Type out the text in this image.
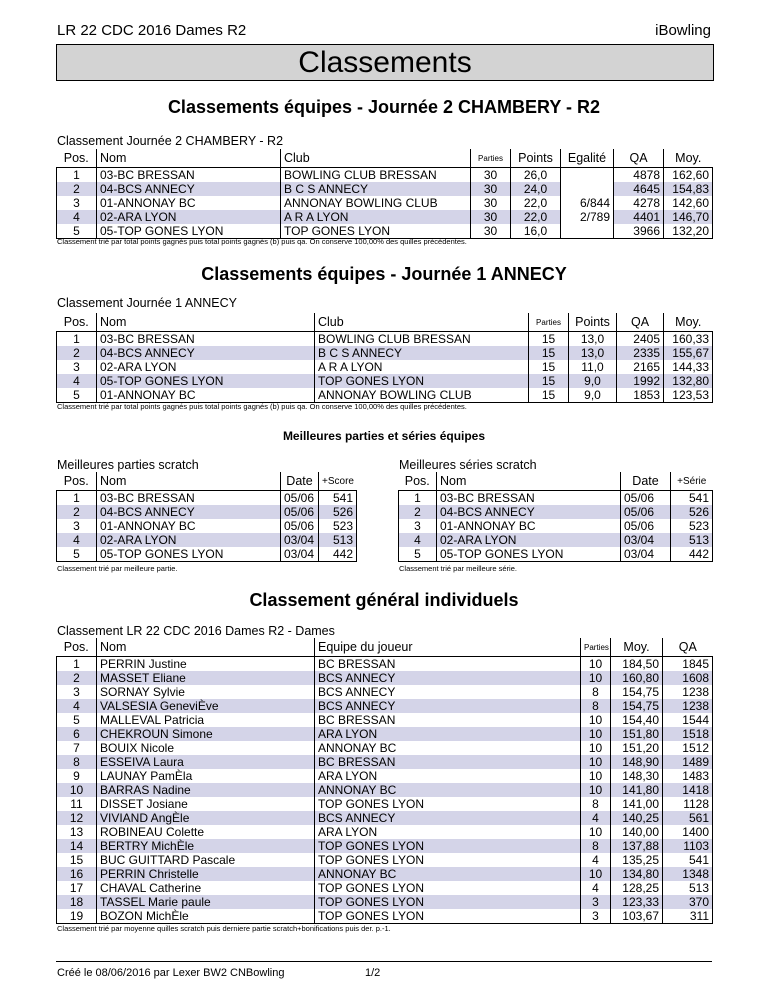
LR 22 CDC 2016 Dames R2	iBowling
Classements
Classements équipes - Journée 2 CHAMBERY - R2
Classement Journée 2 CHAMBERY - R2
Pos.	Nom	Club	Parties	Points	Egalité	QA	Moy.
1	03-BC BRESSAN	BOWLING CLUB BRESSAN	30	26,0		4878	162,60
2	04-BCS ANNECY	B C S ANNECY	30	24,0		4645	154,83
3	01-ANNONAY BC	ANNONAY BOWLING CLUB	30	22,0	6/844	4278	142,60
4	02-ARA LYON	A R A LYON	30	22,0	2/789	4401	146,70
5	05-TOP GONES LYON	TOP GONES LYON	30	16,0		3966	132,20
Classement trié par total points gagnés puis total points gagnés (b) puis qa. On conserve 100,00% des quilles précédentes.
Classements équipes - Journée 1 ANNECY
Classement Journée 1 ANNECY
Pos.	Nom	Club	Parties	Points	QA	Moy.
1	03-BC BRESSAN	BOWLING CLUB BRESSAN	15	13,0	2405	160,33
2	04-BCS ANNECY	B C S ANNECY	15	13,0	2335	155,67
3	02-ARA LYON	A R A LYON	15	11,0	2165	144,33
4	05-TOP GONES LYON	TOP GONES LYON	15	9,0	1992	132,80
5	01-ANNONAY BC	ANNONAY BOWLING CLUB	15	9,0	1853	123,53
Classement trié par total points gagnés puis total points gagnés (b) puis qa. On conserve 100,00% des quilles précédentes.
Meilleures parties et séries équipes
Meilleures parties scratch
Pos.	Nom	Date	+Score
1	03-BC BRESSAN	05/06	541
2	04-BCS ANNECY	05/06	526
3	01-ANNONAY BC	05/06	523
4	02-ARA LYON	03/04	513
5	05-TOP GONES LYON	03/04	442
Classement trié par meilleure partie.
Meilleures séries scratch
Pos.	Nom	Date	+Série
1	03-BC BRESSAN	05/06	541
2	04-BCS ANNECY	05/06	526
3	01-ANNONAY BC	05/06	523
4	02-ARA LYON	03/04	513
5	05-TOP GONES LYON	03/04	442
Classement trié par meilleure série.
Classement général individuels
Classement LR 22 CDC 2016 Dames R2 - Dames
Pos.	Nom	Equipe du joueur	Parties	Moy.	QA
1	PERRIN Justine	BC BRESSAN	10	184,50	1845
2	MASSET Eliane	BCS ANNECY	10	160,80	1608
3	SORNAY Sylvie	BCS ANNECY	8	154,75	1238
4	VALSESIA GeneviÈve	BCS ANNECY	8	154,75	1238
5	MALLEVAL Patricia	BC BRESSAN	10	154,40	1544
6	CHEKROUN Simone	ARA LYON	10	151,80	1518
7	BOUIX Nicole	ANNONAY BC	10	151,20	1512
8	ESSEIVA Laura	BC BRESSAN	10	148,90	1489
9	LAUNAY PamÈla	ARA LYON	10	148,30	1483
10	BARRAS Nadine	ANNONAY BC	10	141,80	1418
11	DISSET Josiane	TOP GONES LYON	8	141,00	1128
12	VIVIAND AngÈle	BCS ANNECY	4	140,25	561
13	ROBINEAU Colette	ARA LYON	10	140,00	1400
14	BERTRY MichÈle	TOP GONES LYON	8	137,88	1103
15	BUC GUITTARD Pascale	TOP GONES LYON	4	135,25	541
16	PERRIN Christelle	ANNONAY BC	10	134,80	1348
17	CHAVAL Catherine	TOP GONES LYON	4	128,25	513
18	TASSEL Marie paule	TOP GONES LYON	3	123,33	370
19	BOZON MichÈle	TOP GONES LYON	3	103,67	311
Classement trié par moyenne quilles scratch puis derniere partie scratch+bonifications puis der. p.-1.
Créé le 08/06/2016 par Lexer BW2 CNBowling	1/2
